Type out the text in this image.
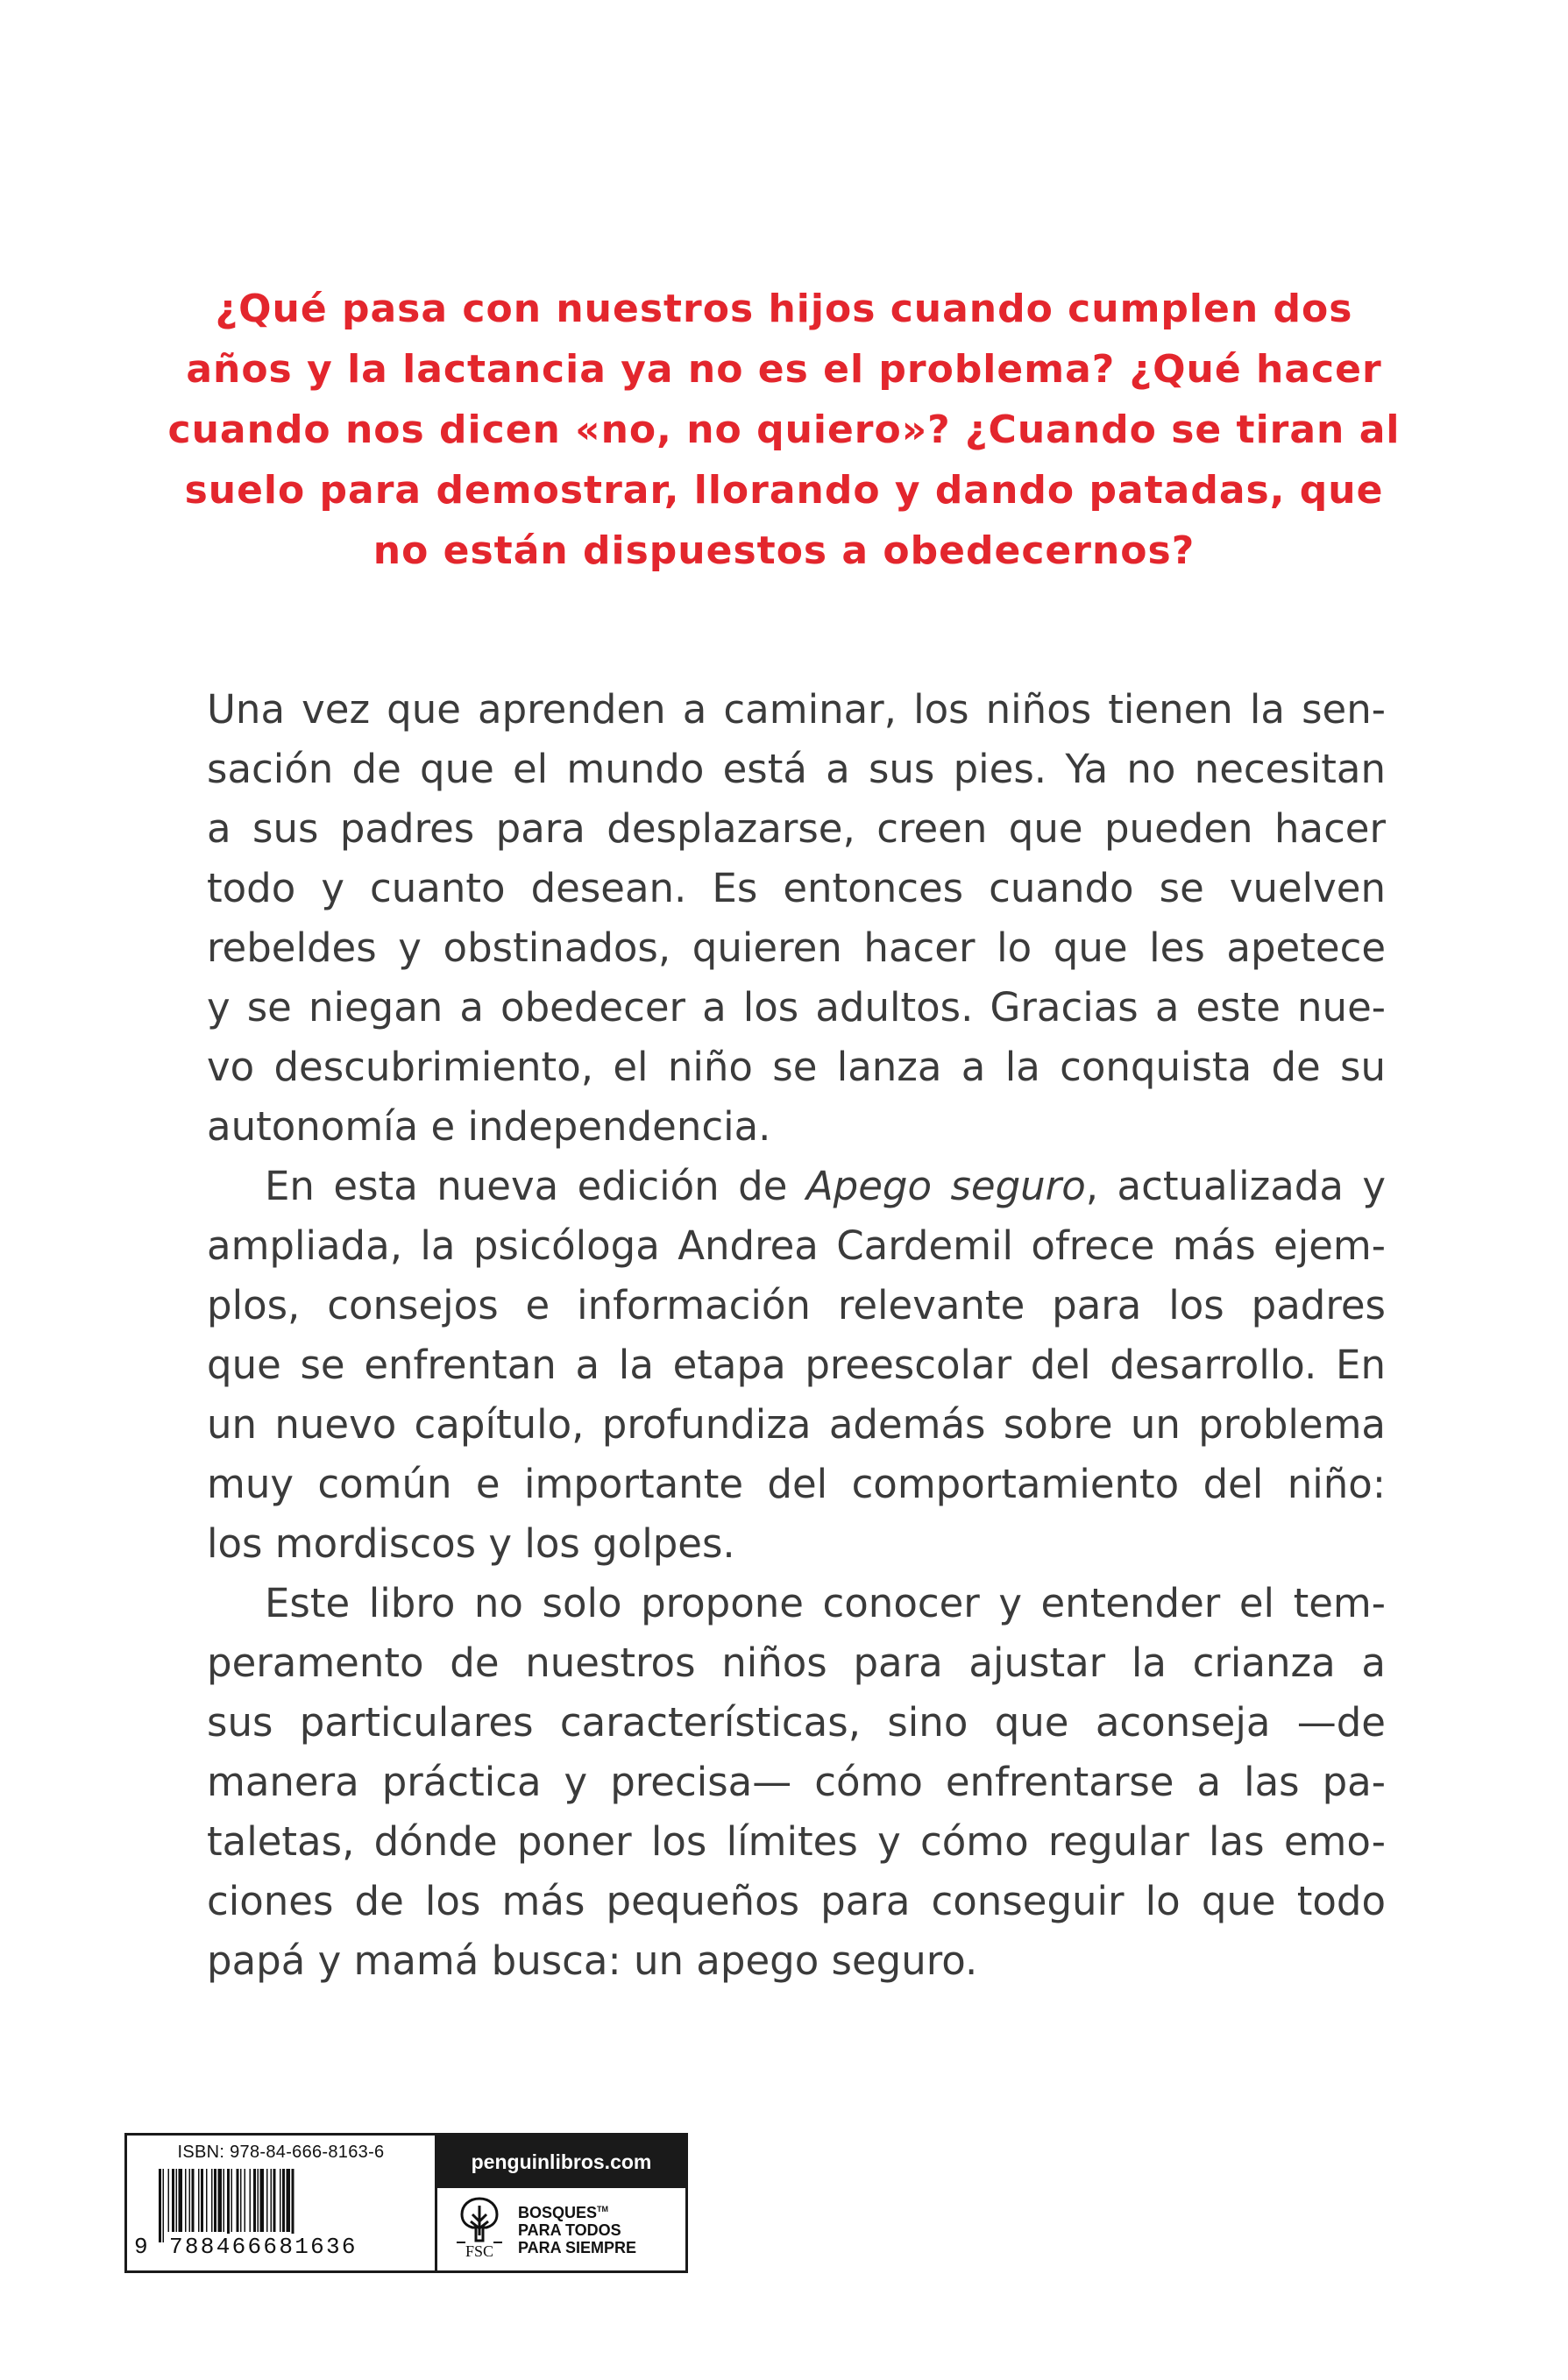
¿Qué pasa con nuestros hijos cuando cumplen dos
años y la lactancia ya no es el problema? ¿Qué hacer
cuando nos dicen «no, no quiero»? ¿Cuando se tiran al
suelo para demostrar, llorando y dando patadas, que
no están dispuestos a obedecernos?
Una vez que aprenden a caminar, los niños tienen la sen-
sación de que el mundo está a sus pies. Ya no necesitan
a sus padres para desplazarse, creen que pueden hacer
todo y cuanto desean. Es entonces cuando se vuelven
rebeldes y obstinados, quieren hacer lo que les apetece
y se niegan a obedecer a los adultos. Gracias a este nue-
vo descubrimiento, el niño se lanza a la conquista de su
autonomía e independencia.
En esta nueva edición de Apego seguro, actualizada y
ampliada, la psicóloga Andrea Cardemil ofrece más ejem-
plos, consejos e información relevante para los padres
que se enfrentan a la etapa preescolar del desarrollo. En
un nuevo capítulo, profundiza además sobre un problema
muy común e importante del comportamiento del niño:
los mordiscos y los golpes.
Este libro no solo propone conocer y entender el tem-
peramento de nuestros niños para ajustar la crianza a
sus particulares características, sino que aconseja —de
manera práctica y precisa— cómo enfrentarse a las pa-
taletas, dónde poner los límites y cómo regular las emo-
ciones de los más pequeños para conseguir lo que todo
papá y mamá busca: un apego seguro.
ISBN: 978-84-666-8163-6
9 788466681636
penguinlibros.com
FSC
BOSQUES™
PARA TODOS
PARA SIEMPRE
